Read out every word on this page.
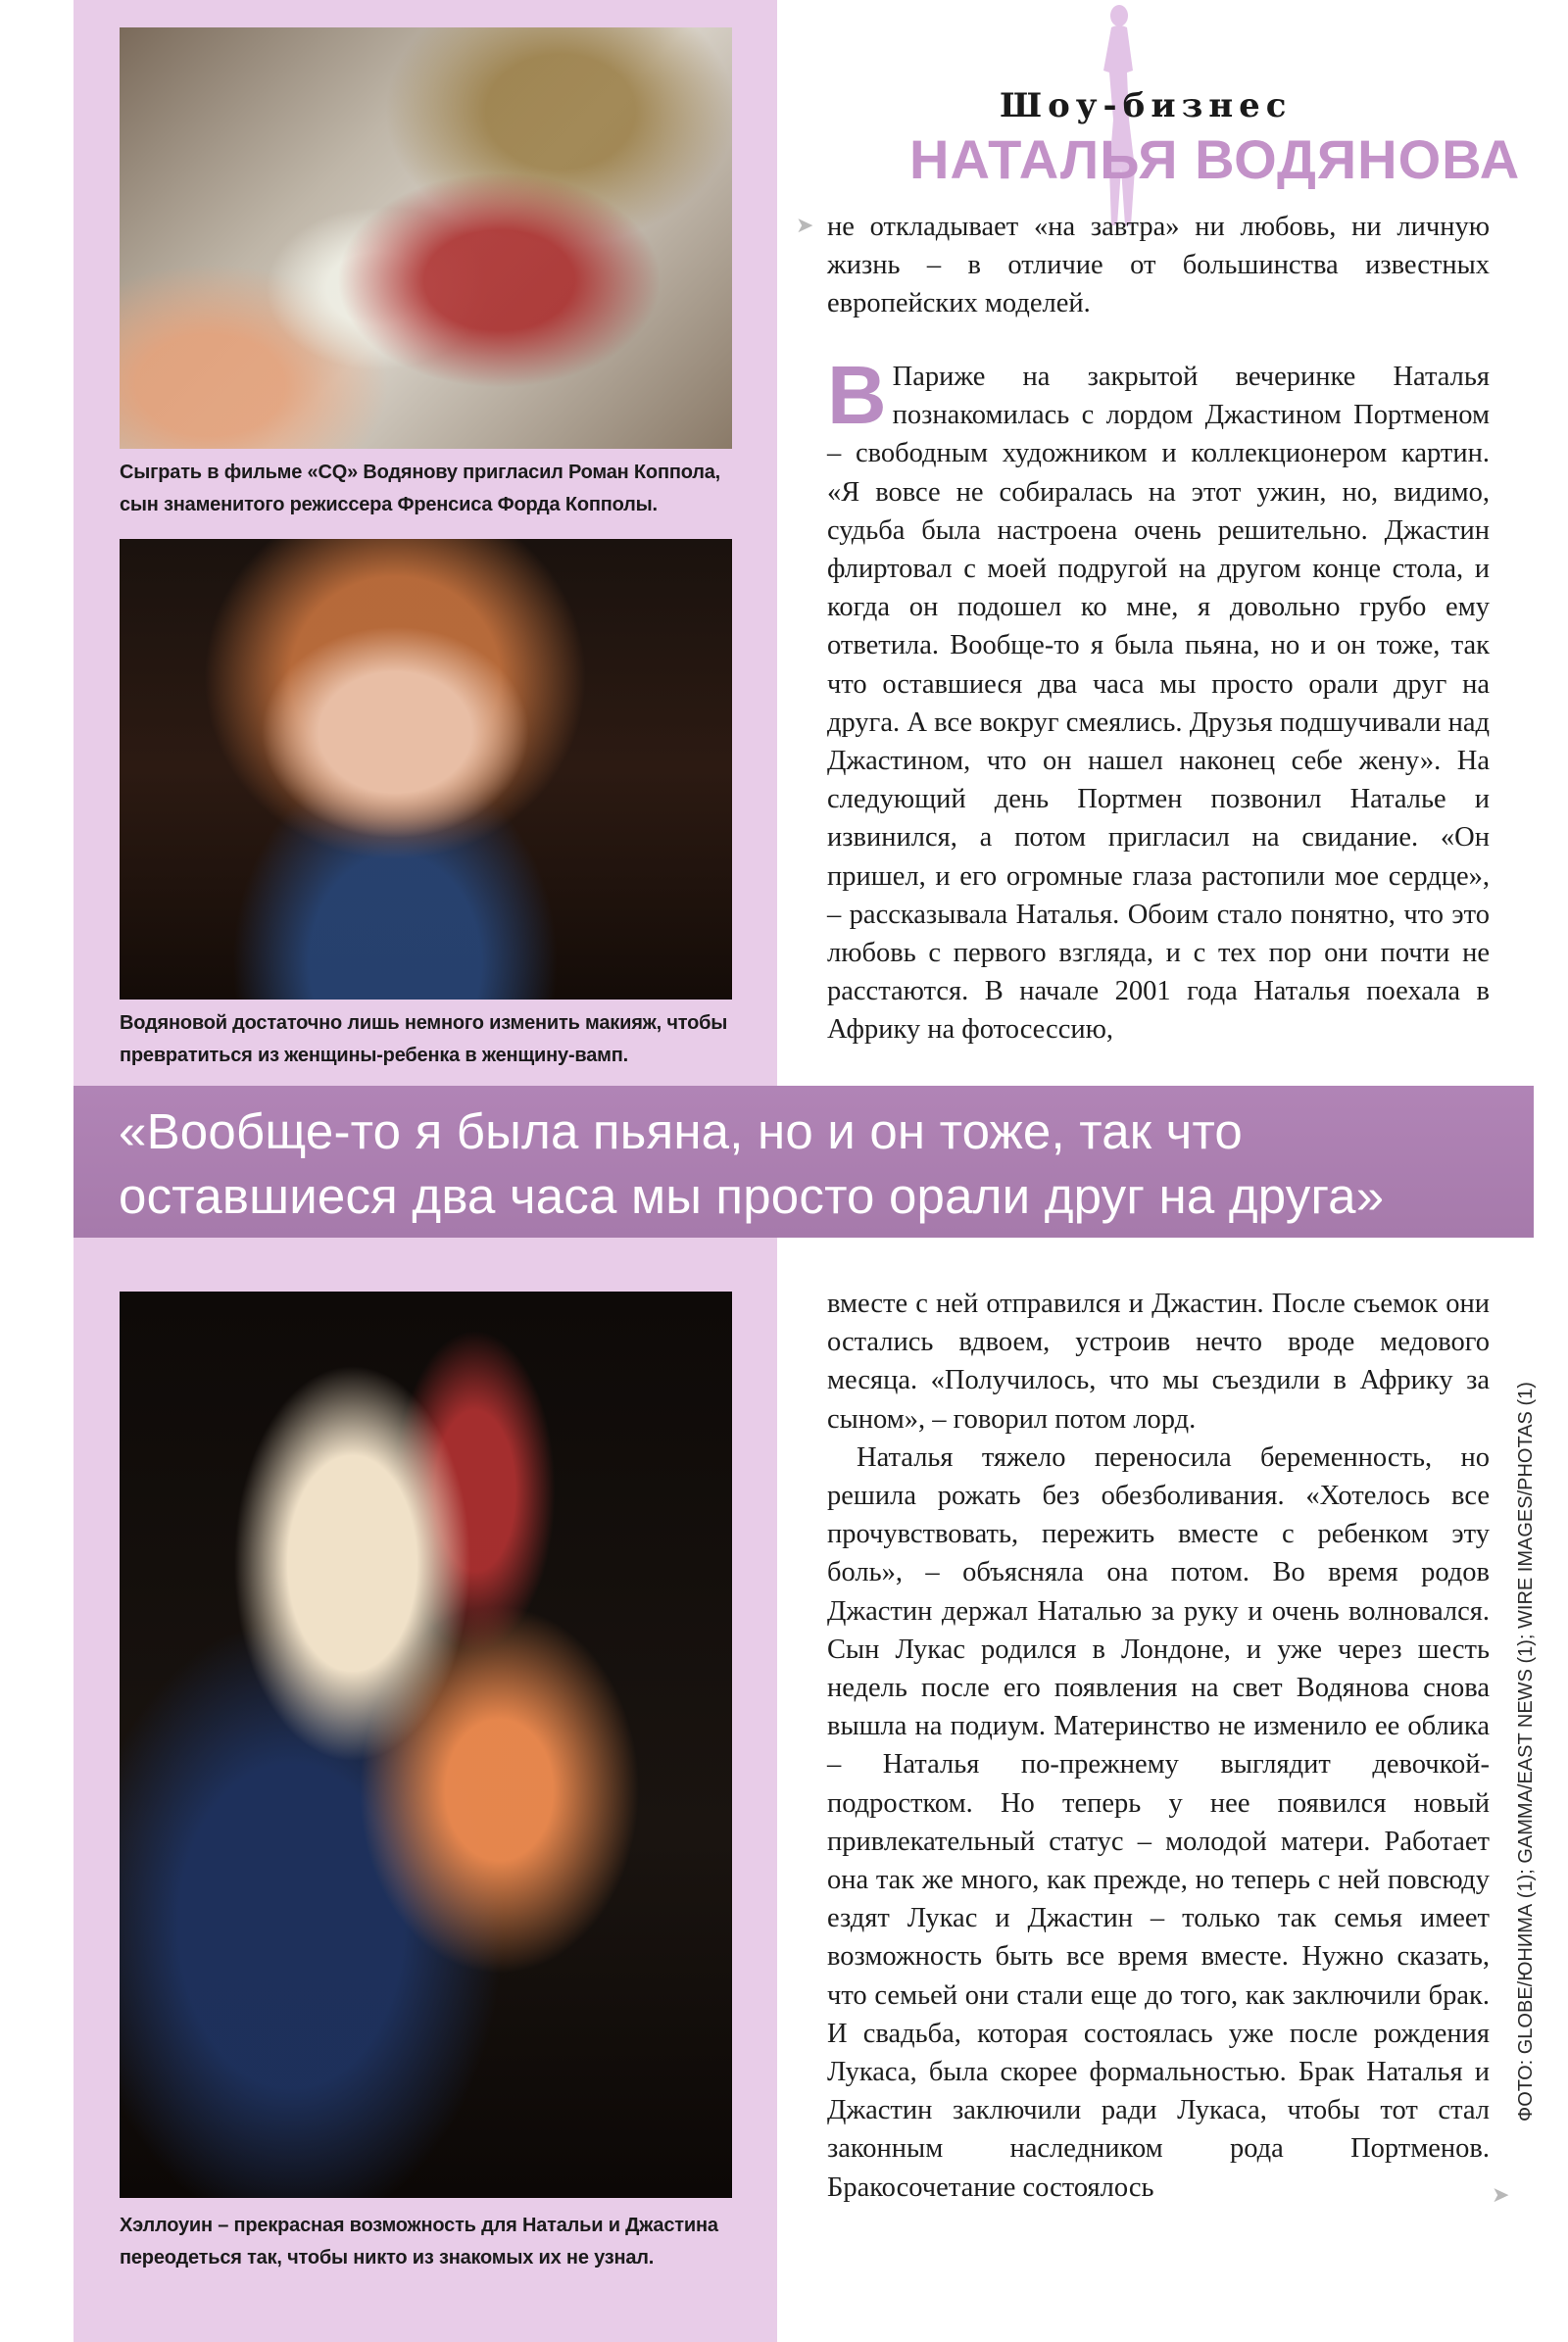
Сыграть в фильме «CQ» Водянову пригласил Роман Коппола, сын знаменитого режиссера Френсиса Форда Копполы.
Водяновой достаточно лишь немного изменить макияж, чтобы превратиться из женщины-ребенка в женщину-вамп.
Хэллоуин – прекрасная возможность для Натальи и Джастина переодеться так, чтобы никто из знакомых их не узнал.
Шоу-бизнес
НАТАЛЬЯ ВОДЯНОВА
➤ не откладывает «на завтра» ни любовь, ни личную жизнь – в отличие от большинства известных европейских моделей.

В Париже на закрытой вечеринке Наталья познакомилась с лордом Джастином Портменом – свободным художником и коллекционером картин. «Я вовсе не собиралась на этот ужин, но, видимо, судьба была настроена очень решительно. Джастин флиртовал с моей подругой на другом конце стола, и когда он подошел ко мне, я довольно грубо ему ответила. Вообще-то я была пьяна, но и он тоже, так что оставшиеся два часа мы просто орали друг на друга. А все вокруг смеялись. Друзья подшучивали над Джастином, что он нашел наконец себе жену». На следующий день Портмен позвонил Наталье и извинился, а потом пригласил на свидание. «Он пришел, и его огромные глаза растопили мое сердце», – рассказывала Наталья. Обоим стало понятно, что это любовь с первого взгляда, и с тех пор они почти не расстаются. В начале 2001 года Наталья поехала в Африку на фотосессию,
«Вообще-то я была пьяна, но и он тоже, так что
оставшиеся два часа мы просто орали друг на друга»

вместе с ней отправился и Джастин. После съемок они остались вдвоем, устроив нечто вроде медового месяца. «Получилось, что мы съездили в Африку за сыном», – говорил потом лорд.

Наталья тяжело переносила беременность, но решила рожать без обезболивания. «Хотелось все прочувствовать, пережить вместе с ребенком эту боль», – объясняла она потом. Во время родов Джастин держал Наталью за руку и очень волновался. Сын Лукас родился в Лондоне, и уже через шесть недель после его появления на свет Водянова снова вышла на подиум. Материнство не изменило ее облика – Наталья по-прежнему выглядит девочкой-подростком. Но теперь у нее появился новый привлекательный статус – молодой матери. Работает она так же много, как прежде, но теперь с ней повсюду ездят Лукас и Джастин – только так семья имеет возможность быть все время вместе. Нужно сказать, что семьей они стали еще до того, как заключили брак. И свадьба, которая состоялась уже после рождения Лукаса, была скорее формальностью. Брак Наталья и Джастин заключили ради Лукаса, чтобы тот стал законным наследником рода Портменов. Бракосочетание состоялось	➤
ФОТО: GLOBE/ЮНИМА (1); GAMMA/EAST NEWS (1); WIRE IMAGES/PHOTAS (1)
